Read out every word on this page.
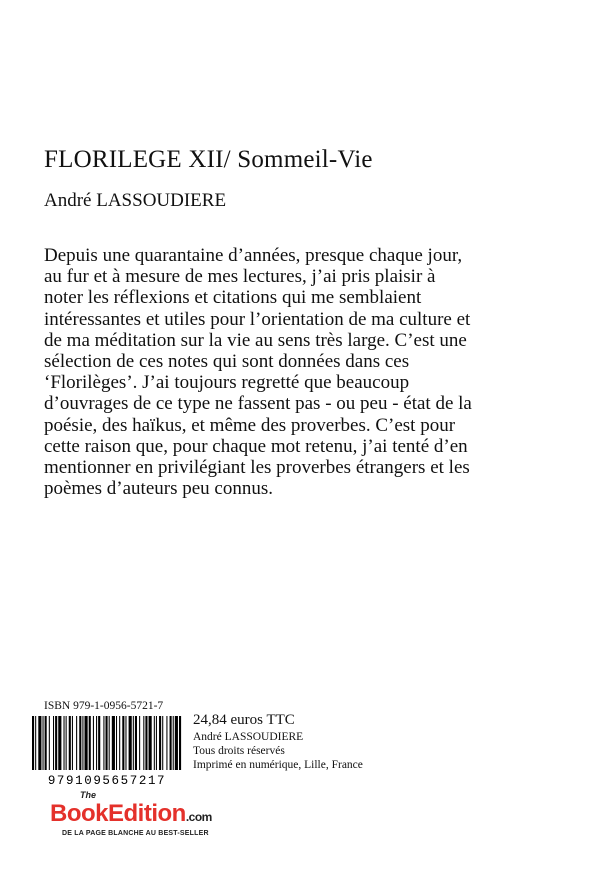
FLORILEGE XII/ Sommeil-Vie
André LASSOUDIERE

Depuis une quarantaine d’années, presque chaque jour, au fur et à mesure de mes lectures, j’ai pris plaisir à noter les réflexions et citations qui me semblaient intéressantes et utiles pour l’orientation de ma culture et de ma méditation sur la vie au sens très large. C’est une sélection de ces notes qui sont données dans ces ‘Florilèges’. J’ai toujours regretté que beaucoup d’ouvrages de ce type ne fassent pas - ou peu - état de la poésie, des haïkus, et même des proverbes. C’est pour cette raison que, pour chaque mot retenu, j’ai tenté d’en mentionner en privilégiant les proverbes étrangers et les poèmes d’auteurs peu connus.

ISBN 979-1-0956-5721-7
9791095657217
24,84 euros TTC
André LASSOUDIERE
Tous droits réservés
Imprimé en numérique, Lille, France
The
BookEdition.com
DE LA PAGE BLANCHE AU BEST-SELLER
